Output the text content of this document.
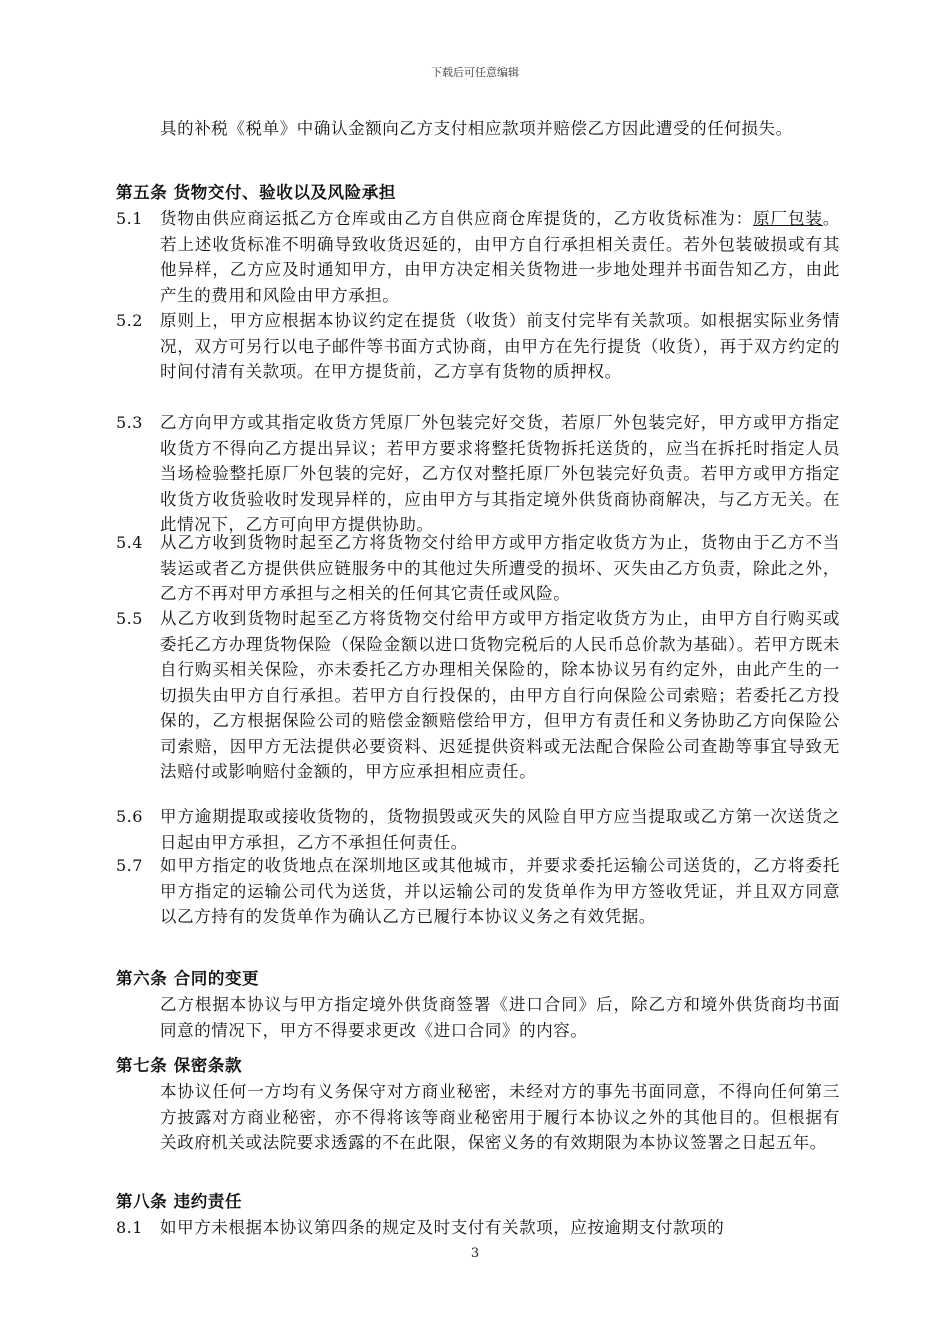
下载后可任意编辑
具的补税《税单》中确认金额向乙方支付相应款项并赔偿乙方因此遭受的任何损失。
第五条 货物交付、验收以及风险承担
5.1 货物由供应商运抵乙方仓库或由乙方自供应商仓库提货的，乙方收货标准为：原厂包装。若上述收货标准不明确导致收货迟延的，由甲方自行承担相关责任。若外包装破损或有其他异样，乙方应及时通知甲方，由甲方决定相关货物进一步地处理并书面告知乙方，由此产生的费用和风险由甲方承担。
5.2 原则上，甲方应根据本协议约定在提货（收货）前支付完毕有关款项。如根据实际业务情况，双方可另行以电子邮件等书面方式协商，由甲方在先行提货（收货），再于双方约定的时间付清有关款项。在甲方提货前，乙方享有货物的质押权。
5.3 乙方向甲方或其指定收货方凭原厂外包装完好交货，若原厂外包装完好，甲方或甲方指定收货方不得向乙方提出异议；若甲方要求将整托货物拆托送货的，应当在拆托时指定人员当场检验整托原厂外包装的完好，乙方仅对整托原厂外包装完好负责。若甲方或甲方指定收货方收货验收时发现异样的，应由甲方与其指定境外供货商协商解决，与乙方无关。在此情况下，乙方可向甲方提供协助。
5.4 从乙方收到货物时起至乙方将货物交付给甲方或甲方指定收货方为止，货物由于乙方不当装运或者乙方提供供应链服务中的其他过失所遭受的损坏、灭失由乙方负责，除此之外，乙方不再对甲方承担与之相关的任何其它责任或风险。
5.5 从乙方收到货物时起至乙方将货物交付给甲方或甲方指定收货方为止，由甲方自行购买或委托乙方办理货物保险（保险金额以进口货物完税后的人民币总价款为基础）。若甲方既未自行购买相关保险，亦未委托乙方办理相关保险的，除本协议另有约定外，由此产生的一切损失由甲方自行承担。若甲方自行投保的，由甲方自行向保险公司索赔；若委托乙方投保的，乙方根据保险公司的赔偿金额赔偿给甲方，但甲方有责任和义务协助乙方向保险公司索赔，因甲方无法提供必要资料、迟延提供资料或无法配合保险公司查勘等事宜导致无法赔付或影响赔付金额的，甲方应承担相应责任。
5.6 甲方逾期提取或接收货物的，货物损毁或灭失的风险自甲方应当提取或乙方第一次送货之日起由甲方承担，乙方不承担任何责任。
5.7 如甲方指定的收货地点在深圳地区或其他城市，并要求委托运输公司送货的，乙方将委托甲方指定的运输公司代为送货，并以运输公司的发货单作为甲方签收凭证，并且双方同意以乙方持有的发货单作为确认乙方已履行本协议义务之有效凭据。
第六条 合同的变更
乙方根据本协议与甲方指定境外供货商签署《进口合同》后，除乙方和境外供货商均书面同意的情况下，甲方不得要求更改《进口合同》的内容。
第七条 保密条款
本协议任何一方均有义务保守对方商业秘密，未经对方的事先书面同意，不得向任何第三方披露对方商业秘密，亦不得将该等商业秘密用于履行本协议之外的其他目的。但根据有关政府机关或法院要求透露的不在此限，保密义务的有效期限为本协议签署之日起五年。
第八条 违约责任
8.1 如甲方未根据本协议第四条的规定及时支付有关款项，应按逾期支付款项的
3
